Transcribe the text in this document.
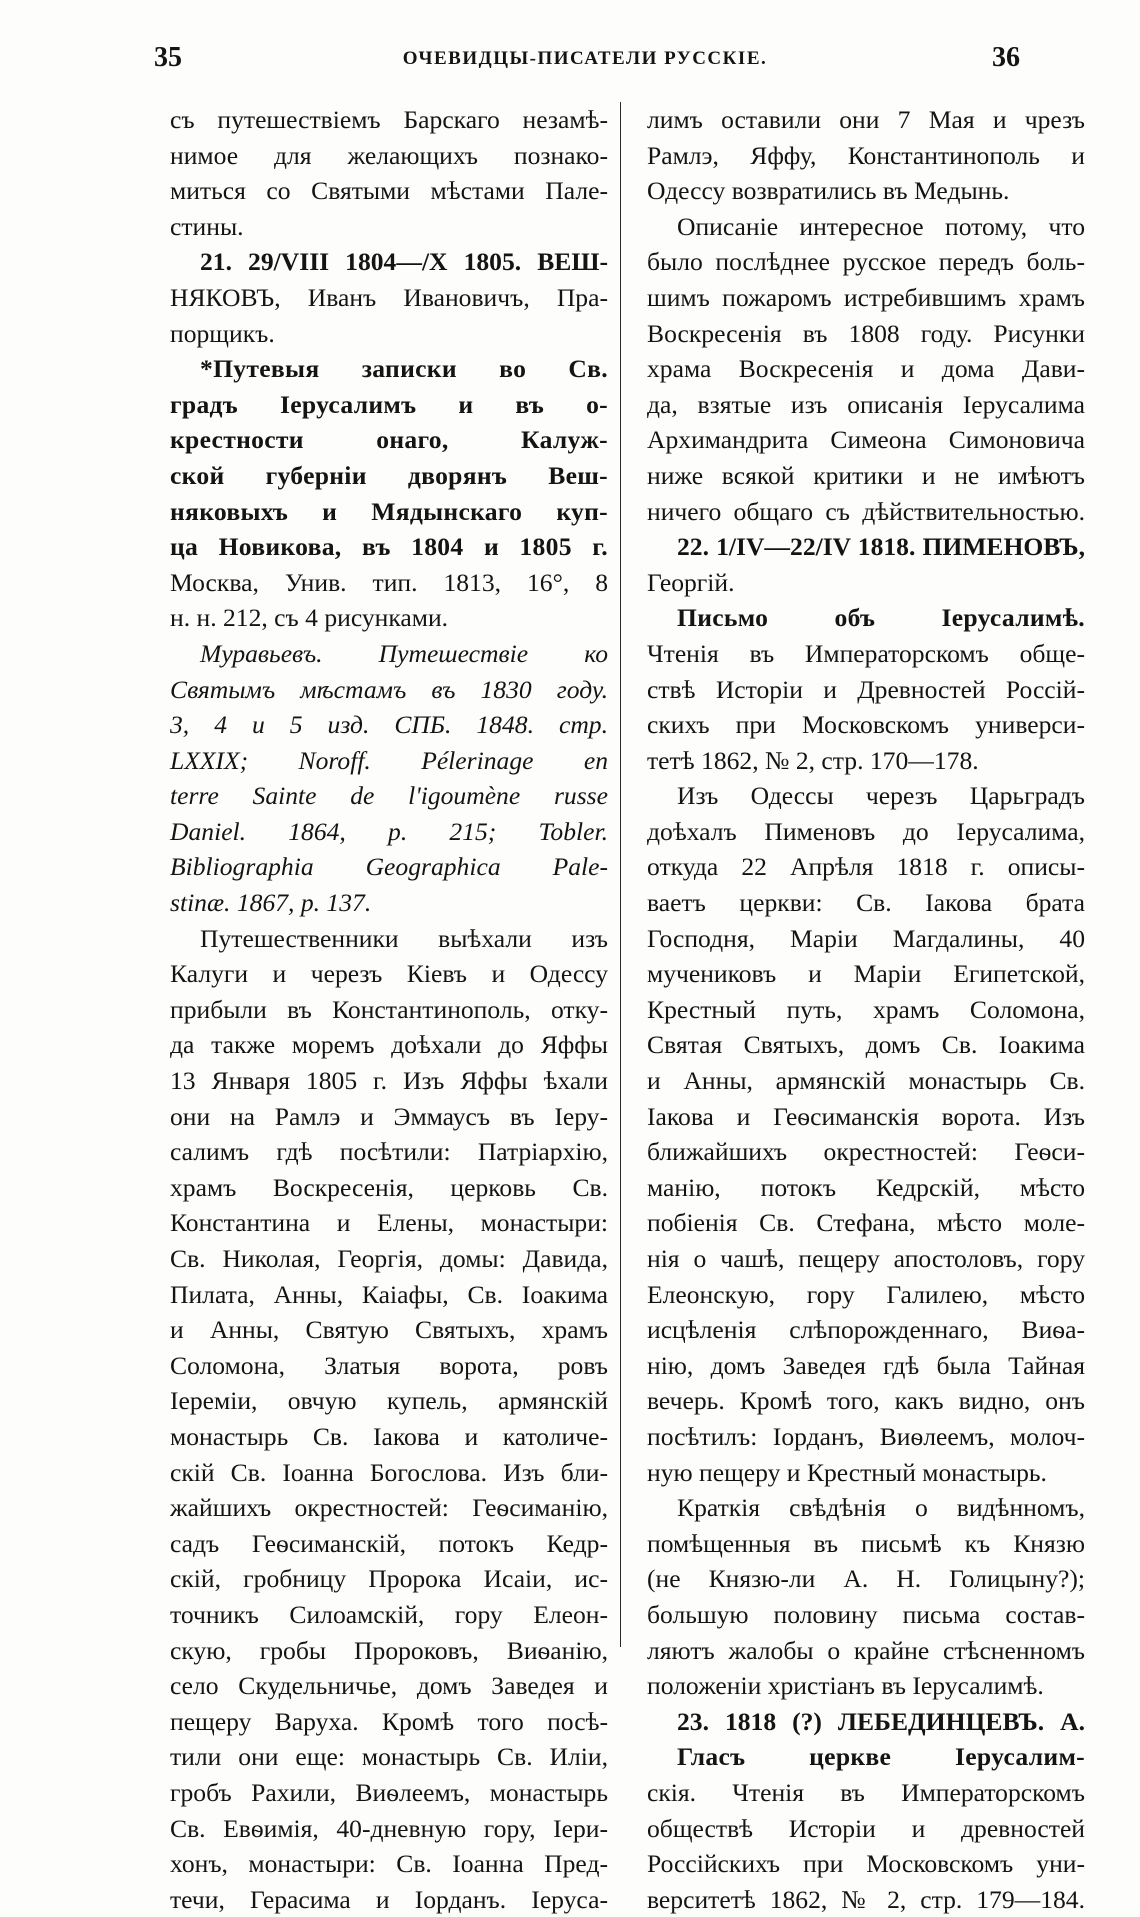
35	ОЧЕВИДЦЫ-ПИСАТЕЛИ РУССКІЕ.	36
съ путешествіемъ Барскаго незамѣ-
нимое для желающихъ познако-
миться со Святыми мѣстами Пале-
стины.
21. 29/VIII 1804—/X 1805. ВЕШ-
НЯКОВЪ, Иванъ Ивановичъ, Пра-
порщикъ.
*Путевыя записки во Св.
градъ Іерусалимъ и въ о-
крестности онаго, Калуж-
ской губерніи дворянъ Веш-
няковыхъ и Мядынскаго куп-
ца Новикова, въ 1804 и 1805 г.
Москва, Унив. тип. 1813, 16°, 8
н. н. 212, съ 4 рисунками.
Муравьевъ. Путешествіе ко
Святымъ мѣстамъ въ 1830 году.
3, 4 и 5 изд. СПБ. 1848. стр.
LXXIX; Noroff. Pélerinage en
terre Sainte de l'igoumène russe
Daniel. 1864, p. 215; Tobler.
Bibliographia Geographica Pale-
stinæ. 1867, p. 137.
Путешественники выѣхали изъ
Калуги и черезъ Кіевъ и Одессу
прибыли въ Константинополь, отку-
да также моремъ доѣхали до Яффы
13 Января 1805 г. Изъ Яффы ѣхали
они на Рамлэ и Эммаусъ въ Іеру-
салимъ гдѣ посѣтили: Патріархію,
храмъ Воскресенія, церковь Св.
Константина и Елены, монастыри:
Св. Николая, Георгія, домы: Давида,
Пилата, Анны, Каіафы, Св. Іоакима
и Анны, Святую Святыхъ, храмъ
Соломона, Златыя ворота, ровъ
Іереміи, овчую купель, армянскій
монастырь Св. Іакова и католиче-
скій Св. Іоанна Богослова. Изъ бли-
жайшихъ окрестностей: Геѳсиманію,
садъ Геѳсиманскій, потокъ Кедр-
скій, гробницу Пророка Исаіи, ис-
точникъ Силоамскій, гору Елеон-
скую, гробы Пророковъ, Виѳанію,
село Скудельничье, домъ Заведея и
пещеру Варуха. Кромѣ того посѣ-
тили они еще: монастырь Св. Иліи,
гробъ Рахили, Виѳлеемъ, монастырь
Св. Евѳимія, 40-дневную гору, Іери-
хонъ, монастыри: Св. Іоанна Пред-
течи, Герасима и Іорданъ. Іеруса-
лимъ оставили они 7 Мая и чрезъ
Рамлэ, Яффу, Константинополь и
Одессу возвратились въ Медынь.
Описаніе интересное потому, что
было послѣднее русское передъ боль-
шимъ пожаромъ истребившимъ храмъ
Воскресенія въ 1808 году. Рисунки
храма Воскресенія и дома Дави-
да, взятые изъ описанія Іерусалима
Архимандрита Симеона Симоновича
ниже всякой критики и не имѣютъ
ничего общаго съ дѣйствительностью.
22. 1/IV—22/IV 1818. ПИМЕНОВЪ,
Георгій.
Письмо объ Іерусалимѣ.
Чтенія въ Императорскомъ обще-
ствѣ Исторіи и Древностей Россій-
скихъ при Московскомъ универси-
тетѣ 1862, № 2, стр. 170—178.
Изъ Одессы черезъ Царьградъ
доѣхалъ Пименовъ до Іерусалима,
откуда 22 Апрѣля 1818 г. описы-
ваетъ церкви: Св. Іакова брата
Господня, Маріи Магдалины, 40
мучениковъ и Маріи Египетской,
Крестный путь, храмъ Соломона,
Святая Святыхъ, домъ Св. Іоакима
и Анны, армянскій монастырь Св.
Іакова и Геѳсиманскія ворота. Изъ
ближайшихъ окрестностей: Геѳси-
манію, потокъ Кедрскій, мѣсто
побіенія Св. Стефана, мѣсто моле-
нія о чашѣ, пещеру апостоловъ, гору
Елеонскую, гору Галилею, мѣсто
исцѣленія слѣпорожденнаго, Виѳа-
нію, домъ Заведея гдѣ была Тайная
вечерь. Кромѣ того, какъ видно, онъ
посѣтилъ: Іорданъ, Виѳлеемъ, молоч-
ную пещеру и Крестный монастырь.
Краткія свѣдѣнія о видѣнномъ,
помѣщенныя въ письмѣ къ Князю
(не Князю-ли А. Н. Голицыну?);
большую половину письма состав-
ляютъ жалобы о крайне стѣсненномъ
положеніи христіанъ въ Іерусалимѣ.
23. 1818 (?) ЛЕБЕДИНЦЕВЪ. А.
Гласъ церкве Іерусалим-
скія. Чтенія въ Императорскомъ
обществѣ Исторіи и древностей
Россійскихъ при Московскомъ уни-
верситетѣ 1862, № 2, стр. 179—184.
